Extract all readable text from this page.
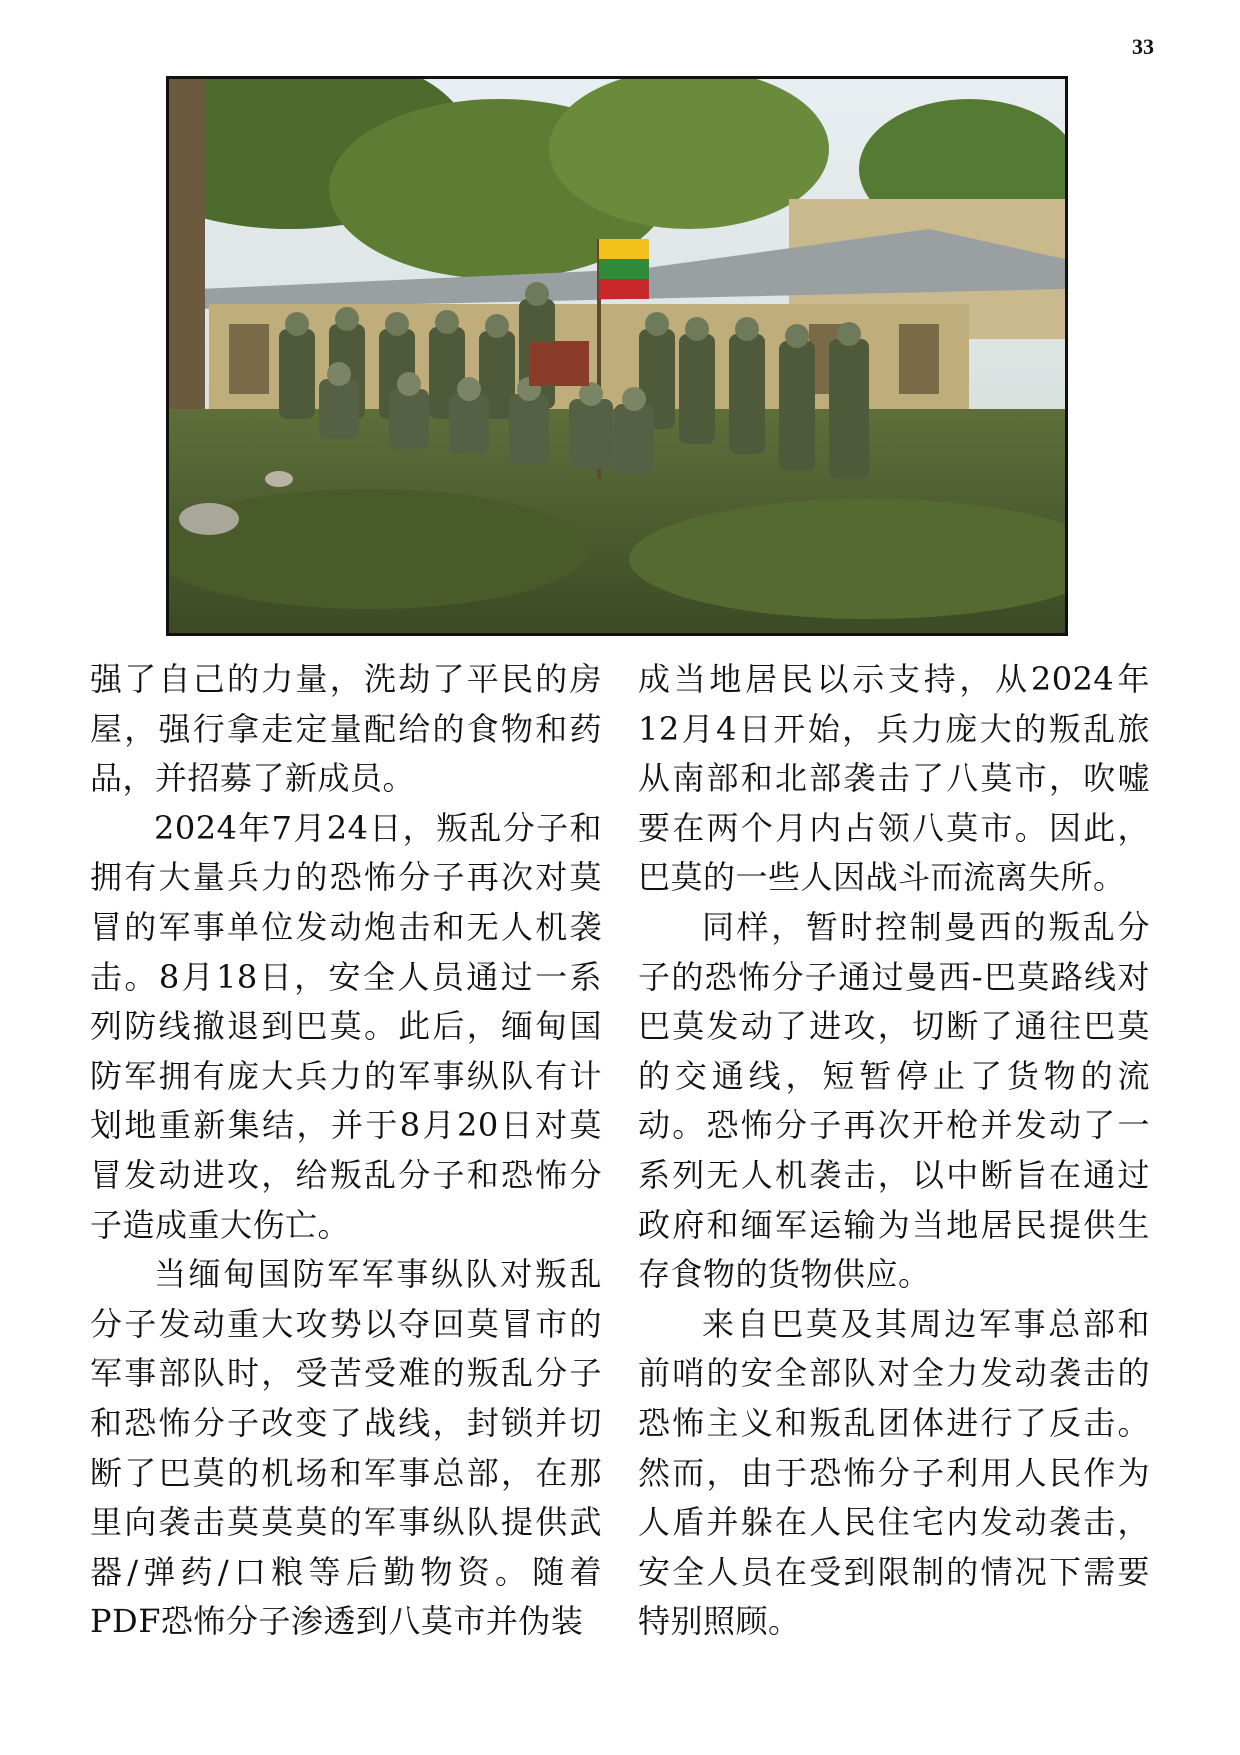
33

强了自己的力量，洗劫了平民的房屋，强行拿走定量配给的食物和药品，并招募了新成员。

2024年7月24日，叛乱分子和拥有大量兵力的恐怖分子再次对莫冒的军事单位发动炮击和无人机袭击。8月18日，安全人员通过一系列防线撤退到巴莫。此后，缅甸国防军拥有庞大兵力的军事纵队有计划地重新集结，并于8月20日对莫冒发动进攻，给叛乱分子和恐怖分子造成重大伤亡。

当缅甸国防军军事纵队对叛乱分子发动重大攻势以夺回莫冒市的军事部队时，受苦受难的叛乱分子和恐怖分子改变了战线，封锁并切断了巴莫的机场和军事总部，在那里向袭击莫莫莫的军事纵队提供武器/弹药/口粮等后勤物资。随着PDF恐怖分子渗透到八莫市并伪装

成当地居民以示支持，从2024年12月4日开始，兵力庞大的叛乱旅从南部和北部袭击了八莫市，吹嘘要在两个月内占领八莫市。因此，巴莫的一些人因战斗而流离失所。

同样，暂时控制曼西的叛乱分子的恐怖分子通过曼西-巴莫路线对巴莫发动了进攻，切断了通往巴莫的交通线，短暂停止了货物的流动。恐怖分子再次开枪并发动了一系列无人机袭击，以中断旨在通过政府和缅军运输为当地居民提供生存食物的货物供应。

来自巴莫及其周边军事总部和前哨的安全部队对全力发动袭击的恐怖主义和叛乱团体进行了反击。然而，由于恐怖分子利用人民作为人盾并躲在人民住宅内发动袭击，安全人员在受到限制的情况下需要特别照顾。
